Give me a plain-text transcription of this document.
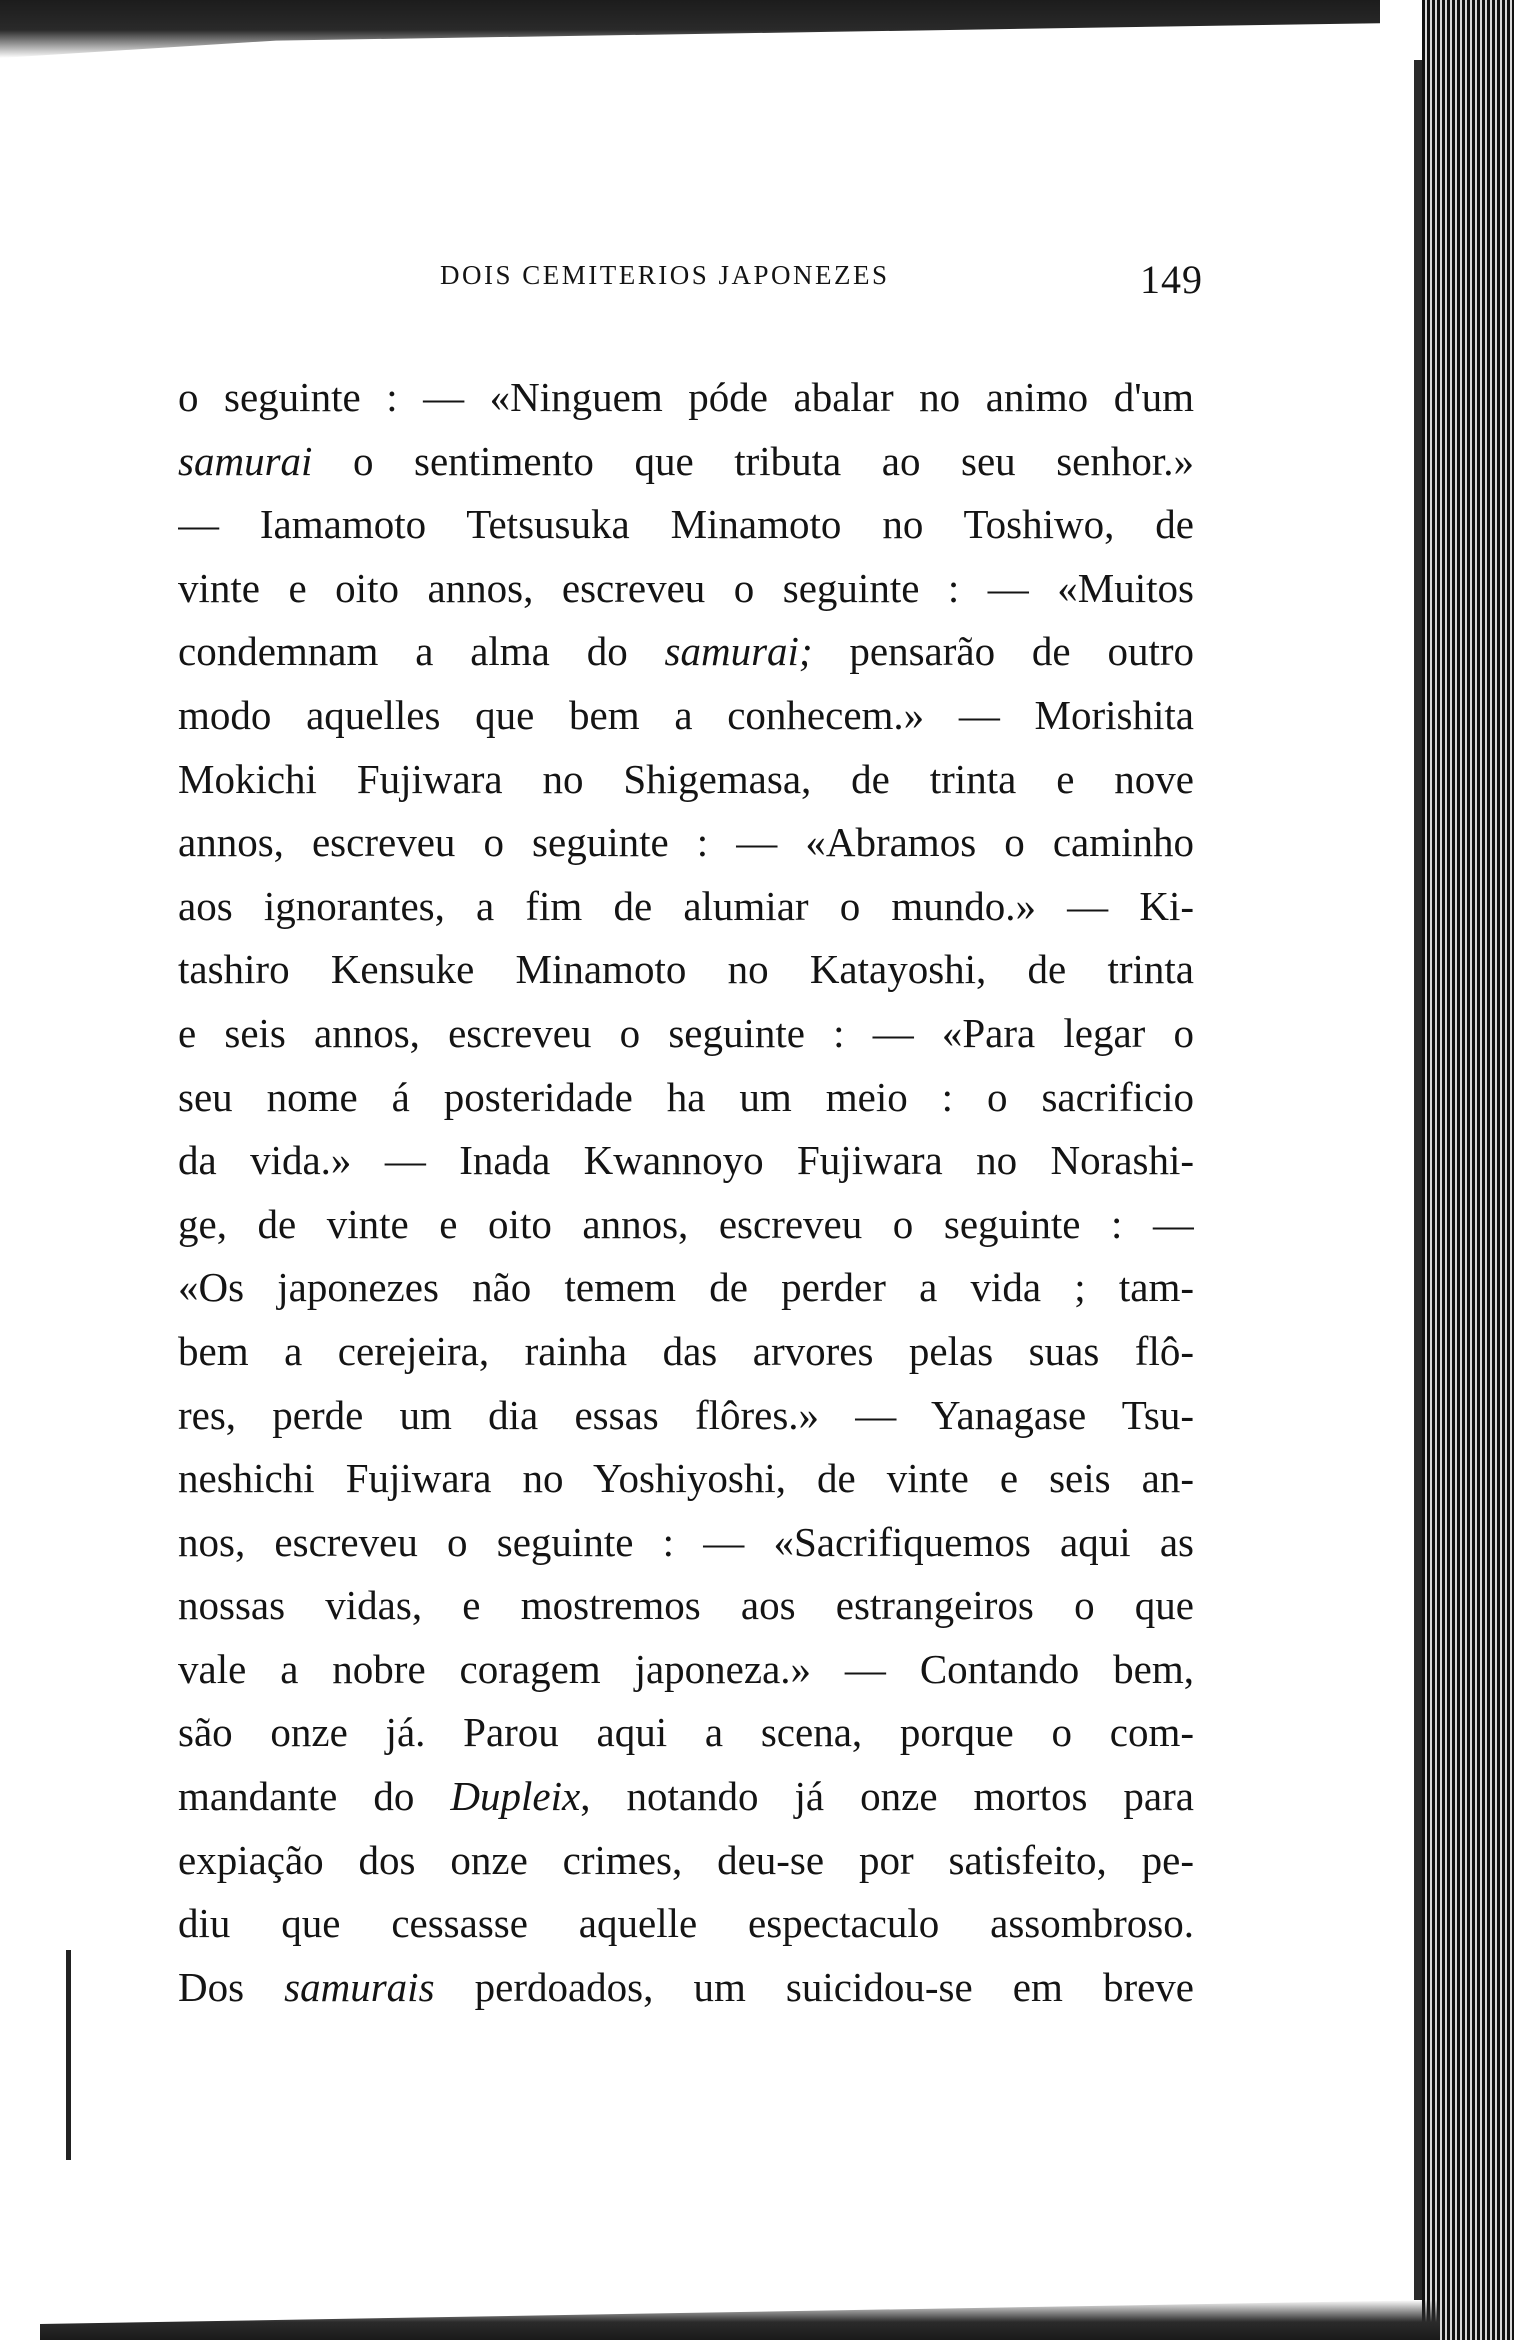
DOIS CEMITERIOS JAPONEZES	149
o seguinte : — «Ninguem póde abalar no animo d'um
samurai o sentimento que tributa ao seu senhor.»
— Iamamoto Tetsusuka Minamoto no Toshiwo, de
vinte e oito annos, escreveu o seguinte : — «Muitos
condemnam a alma do samurai; pensarão de outro
modo aquelles que bem a conhecem.» — Morishita
Mokichi Fujiwara no Shigemasa, de trinta e nove
annos, escreveu o seguinte : — «Abramos o caminho
aos ignorantes, a fim de alumiar o mundo.» — Ki-
tashiro Kensuke Minamoto no Katayoshi, de trinta
e seis annos, escreveu o seguinte : — «Para legar o
seu nome á posteridade ha um meio : o sacrificio
da vida.» — Inada Kwannoyo Fujiwara no Norashi-
ge, de vinte e oito annos, escreveu o seguinte : —
«Os japonezes não temem de perder a vida ; tam-
bem a cerejeira, rainha das arvores pelas suas flô-
res, perde um dia essas flôres.» — Yanagase Tsu-
neshichi Fujiwara no Yoshiyoshi, de vinte e seis an-
nos, escreveu o seguinte : — «Sacrifiquemos aqui as
nossas vidas, e mostremos aos estrangeiros o que
vale a nobre coragem japoneza.» — Contando bem,
são onze já. Parou aqui a scena, porque o com-
mandante do Dupleix, notando já onze mortos para
expiação dos onze crimes, deu-se por satisfeito, pe-
diu que cessasse aquelle espectaculo assombroso.
Dos samurais perdoados, um suicidou-se em breve
